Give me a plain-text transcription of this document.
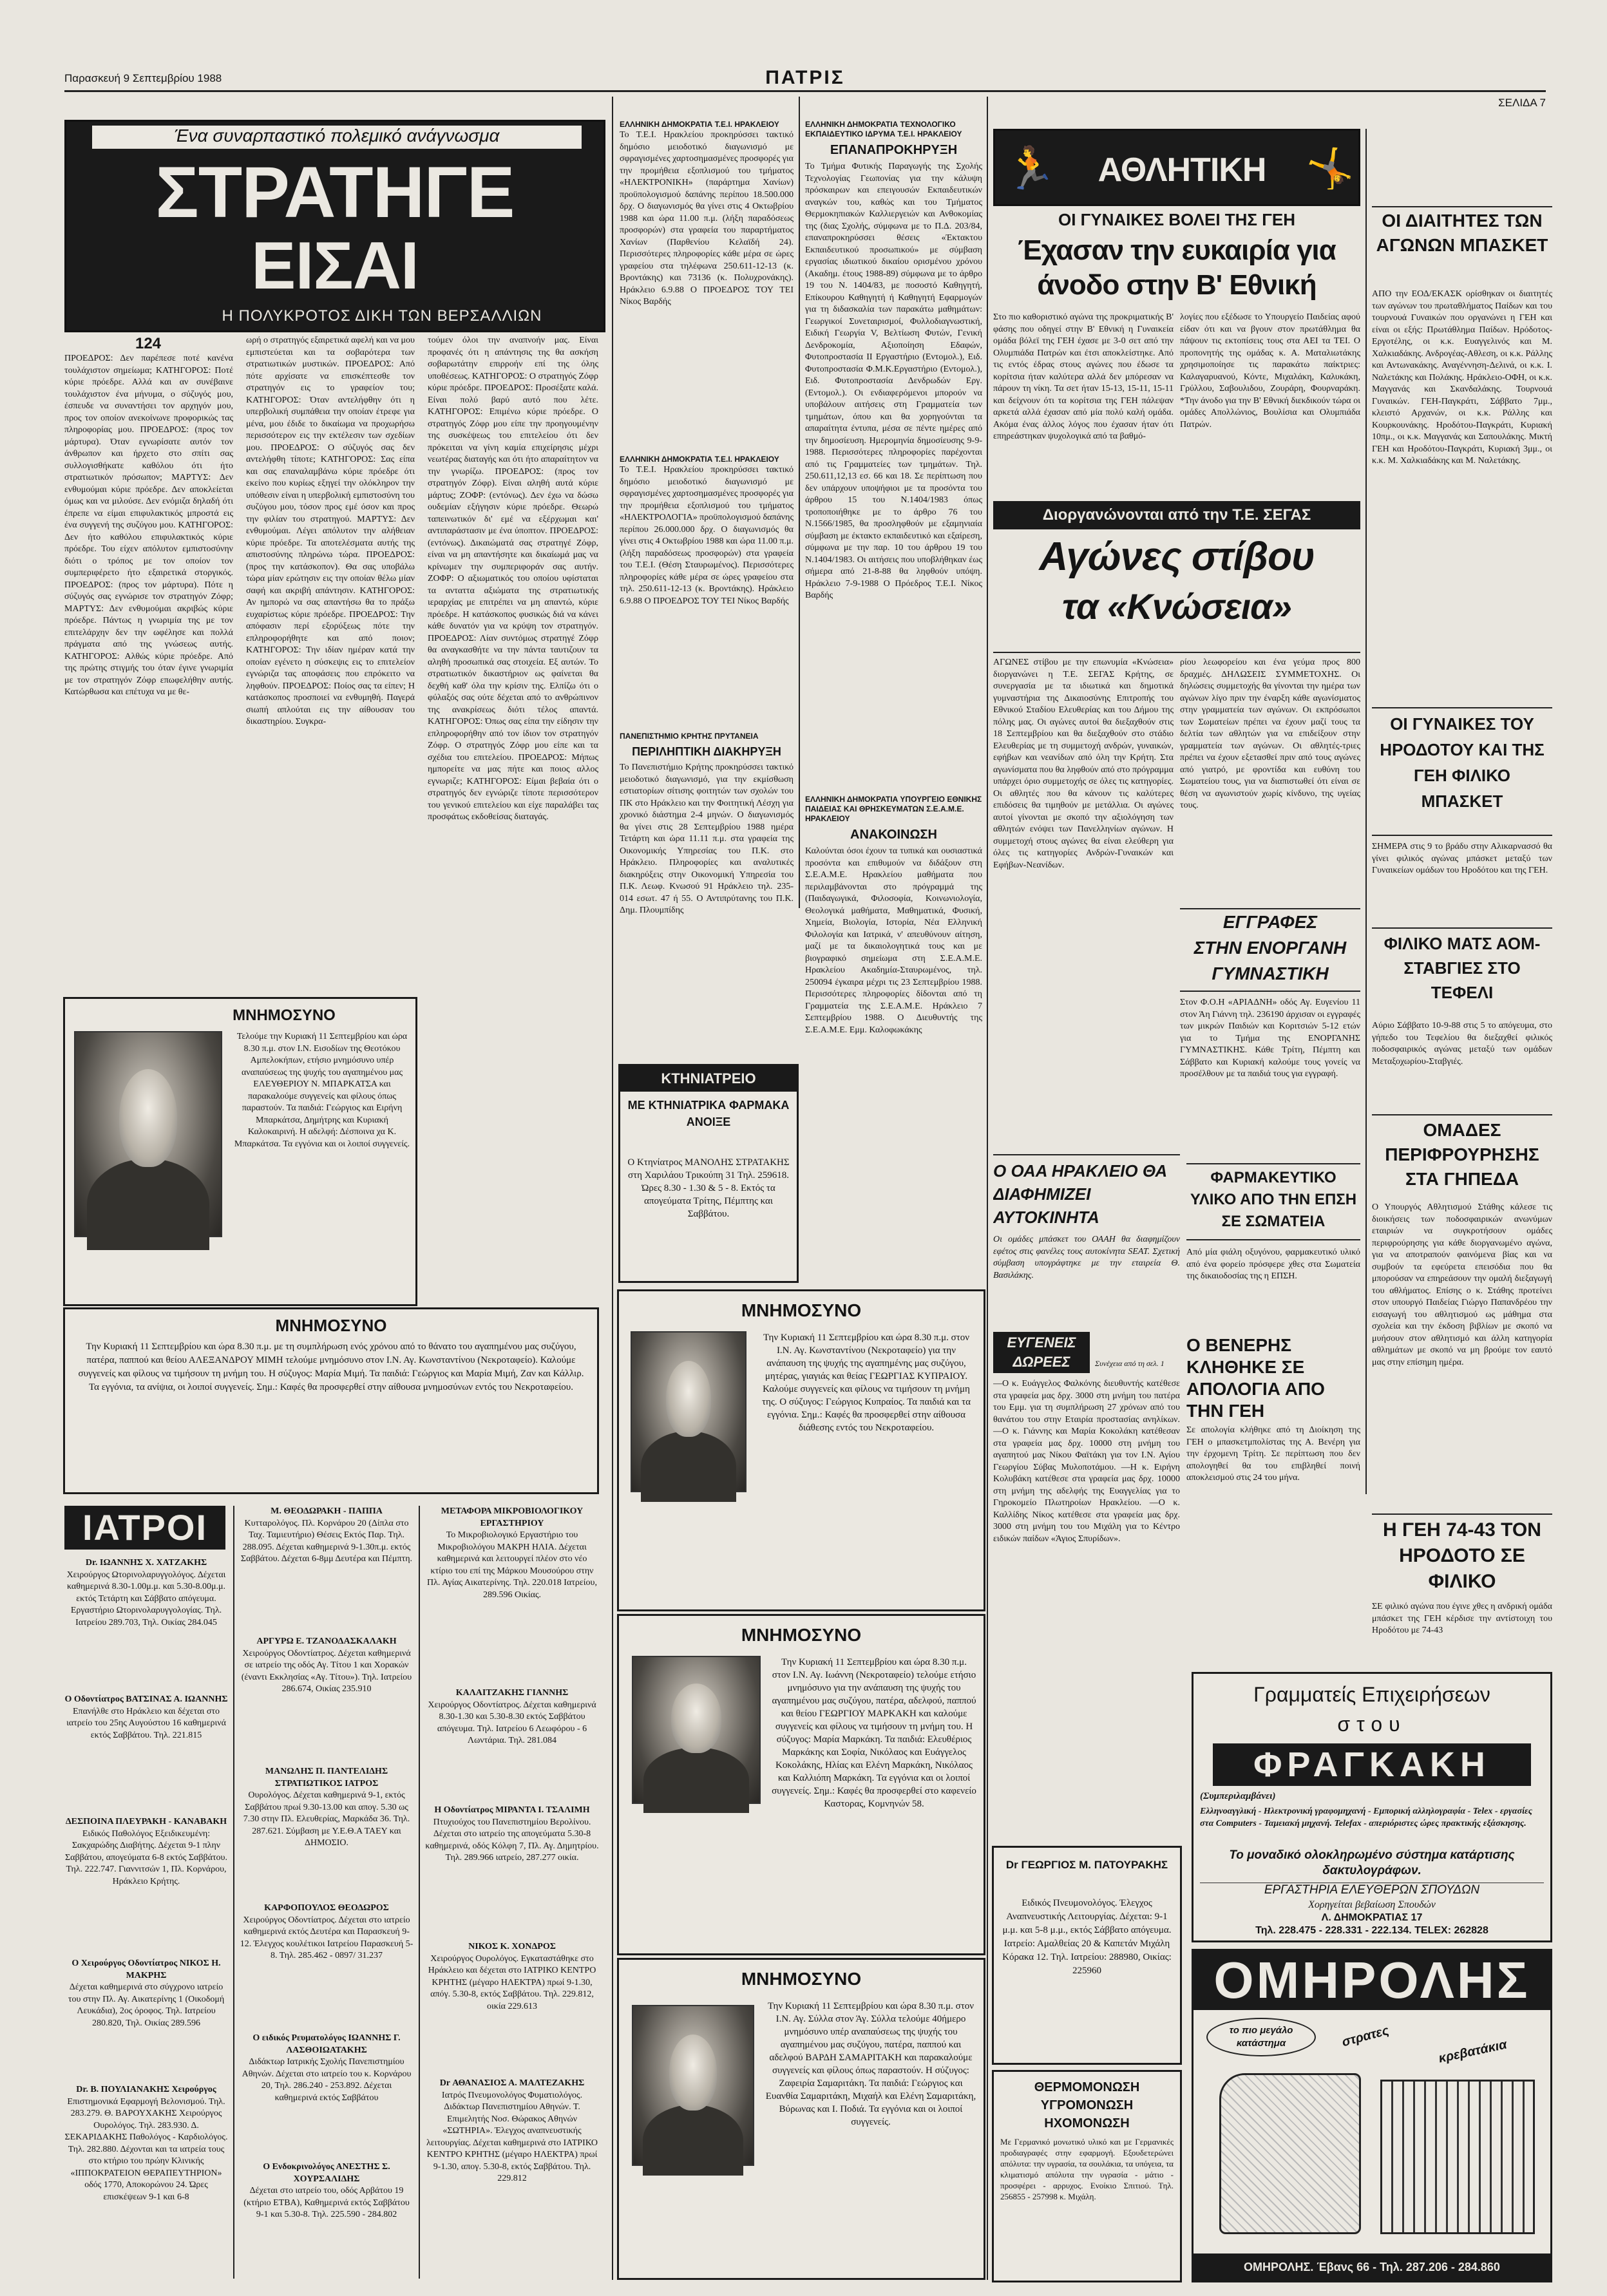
Παρασκευή 9 Σεπτεμβρίου 1988	ΠΑΤΡΙΣ
ΣΕΛΙΔΑ 7
Ένα συναρπαστικό πολεμικό ανάγνωσμα
ΣΤΡΑΤΗΓΕ
ΕΙΣΑΙ
Η ΠΟΛΥΚΡΟΤΟΣ ΔΙΚΗ ΤΩΝ ΒΕΡΣΑΛΛΙΩΝ
124
ΠΡΟΕΔΡΟΣ: Δεν παρέπεσε ποτέ κανένα τουλάχιστον σημείωμα; ΚΑΤΗΓΟΡΟΣ: Ποτέ κύριε πρόεδρε. Αλλά και αν συνέβαινε τουλάχιστον ένα μήνυμα, ο σύζυγός μου, έσπευδε να συναντήσει τον αρχηγόν μου, προς τον οποίον ανεκοίνωνε προφορικώς τας πληροφορίας μου. ΠΡΟΕΔΡΟΣ: (προς τον μάρτυρα). Όταν εγνωρίσατε αυτόν τον άνθρωπον και ήρχετο στο σπίτι σας συλλογισθήκατε καθόλου ότι ήτο στρατιωτικόν πρόσωπον; ΜΑΡΤΥΣ: Δεν ενθυμούμαι κύριε πρόεδρε. Δεν αποκλείεται όμως και να μιλούσε. Δεν ενόμιζα δηλαδή ότι έπρεπε να είμαι επιφυλακτικός μπροστά εις ένα συγγενή της συζύγου μου. ΚΑΤΗΓΟΡΟΣ: Δεν ήτο καθόλου επιφυλακτικός κύριε πρόεδρε. Του είχεν απόλυτον εμπιστοσύνην διότι ο τρόπος με τον οποίον τον συμπεριφέρετο ήτο εξαιρετικά στοργικός. ΠΡΟΕΔΡΟΣ: (προς τον μάρτυρα). Πότε η σύζυγός σας εγνώρισε τον στρατηγόν Ζόφρ; ΜΑΡΤΥΣ: Δεν ενθυμούμαι ακριβώς κύριε πρόεδρε. Πάντως η γνωριμία της με τον επιτελάρχην δεν την ωφέλησε και πολλά πράγματα από της γνώσεως αυτής. ΚΑΤΗΓΟΡΟΣ: Αλθώς κύριε πρόεδρε. Από της πρώτης στιγμής του όταν έγινε γνωριμία με τον στρατηγόν Ζόφρ επωφελήθην αυτής. Κατώρθωσα και επέτυχα να με θε-
ωρή ο στρατηγός εξαιρετικά αφελή και να μου εμπιστεύεται και τα σοβαρότερα των στρατιωτικών μυστικών. ΠΡΟΕΔΡΟΣ: Από πότε αρχίσατε να επισκέπτεσθε τον στρατηγόν εις το γραφείον του; ΚΑΤΗΓΟΡΟΣ: Όταν αντελήφθην ότι η υπερβολική συμπάθεια την οποίαν έτρεφε για μένα, μου έδιδε το δικαίωμα να προχωρήσω περισσότερον εις την εκτέλεσιν των σχεδίων μου. ΠΡΟΕΔΡΟΣ: Ο σύζυγός σας δεν αντελήφθη τίποτε; ΚΑΤΗΓΟΡΟΣ: Σας είπα και σας επαναλαμβάνω κύριε πρόεδρε ότι εκείνο που κυρίως εξηγεί την ολόκληρον την υπόθεσιν είναι η υπερβολική εμπιστοσύνη του συζύγου μου, τόσον προς εμέ όσον και προς την φιλίαν του στρατηγού. ΜΑΡΤΥΣ: Δεν ενθυμούμαι. Λέγει απόλυτον την αλήθειαν κύριε πρόεδρε. Τα αποτελέσματα αυτής της απιστοσύνης πληρώνω τώρα. ΠΡΟΕΔΡΟΣ: (προς την κατάσκοπον). Θα σας υποβάλω τώρα μίαν ερώτησιν εις την οποίαν θέλω μίαν σαφή και ακριβή απάντησιν. ΚΑΤΗΓΟΡΟΣ: Αν ημπορώ να σας απαντήσω θα το πράξω ευχαρίστως κύριε πρόεδρε. ΠΡΟΕΔΡΟΣ: Την απόφασιν περί εξορύξεως πότε την επληροφορήθητε και από ποιον; ΚΑΤΗΓΟΡΟΣ: Την ιδίαν ημέραν κατά την οποίαν εγένετο η σύσκεψις εις το επιτελείον εγνώριζα τας αποφάσεις που επρόκειτο να ληφθούν. ΠΡΟΕΔΡΟΣ: Ποίος σας τα είπεν; Η κατάσκοπος προσποιεί να ενθυμηθή. Παγερά σιωπή απλούται εις την αίθουσαν του δικαστηρίου. Συγκρα-
τούμεν όλοι την αναπνοήν μας. Είναι προφανές ότι η απάντησις της θα ασκήση σοβαρωτάτην επιρροήν επί της όλης υποθέσεως. ΚΑΤΗΓΟΡΟΣ: Ο στρατηγός Ζόφρ κύριε πρόεδρε. ΠΡΟΕΔΡΟΣ: Προσέξατε καλά. Είναι πολύ βαρύ αυτό που λέτε. ΚΑΤΗΓΟΡΟΣ: Επιμένω κύριε πρόεδρε. Ο στρατηγός Ζόφρ μου είπε την προηγουμένην της συσκέψεως του επιτελείου ότι δεν πρόκειται να γίνη καμία επιχείρησις μέχρι νεωτέρας διαταγής και ότι ήτο απαραίτητον να την γνωρίζω. ΠΡΟΕΔΡΟΣ: (προς τον στρατηγόν Ζόφρ). Είναι αληθή αυτά κύριε μάρτυς; ΖΟΦΡ: (εντόνως). Δεν έχω να δώσω ουδεμίαν εξήγησιν κύριε πρόεδρε. Θεωρώ ταπεινωτικόν δι' εμέ να εξέρχωμαι και' αντιπαράστασιν με ένα ύποπτον. ΠΡΟΕΔΡΟΣ: (εντόνως). Δικαιώματά σας στρατηγέ Ζόφρ, είναι να μη απαντήσητε και δικαίωμά μας να κρίνωμεν την συμπεριφοράν σας αυτήν. ΖΟΦΡ: Ο αξιωματικός του οποίου υφίσταται τα ανταττα αξιώματα της στρατιωτικής ιεραρχίας με επιτρέπει να μη απαντώ, κύριε πρόεδρε. Η κατάσκοπος φυσικώς διά να κάνει κάθε δυνατόν για να κρύψη τον στρατηγόν. ΠΡΟΕΔΡΟΣ: Λίαν συντόμως στρατηγέ Ζόφρ θα αναγκασθήτε να την πάντα ταυτιζουν τα αληθή προσωπικά σας στοιχεία. Εξ αυτών. Το στρατιωτικόν δικαστήριον ως φαίνεται θα δεχθή καθ' όλα την κρίσιν της. Ελπίζω ότι ο φύλαξός σας ούτε δέχεται από το ανθρώπινον της ανακρίσεως διότι τέλος απαντά. ΚΑΤΗΓΟΡΟΣ: Όπως σας είπα την είδησιν την επληροφορήθην από τον ίδιον τον στρατηγόν Ζόφρ. Ο στρατηγός Ζόφρ μου είπε και τα σχέδια του επιτελείου. ΠΡΟΕΔΡΟΣ: Μήπως ημπορείτε να μας πήτε και ποιος αλλος εγνωριζε; ΚΑΤΗΓΟΡΟΣ: Είμαι βεβαία ότι ο στρατηγός δεν εγνώριζε τίποτε περισσότερον του γενικού επιτελείου και είχε παραλάβει τας προσφάτως εκδοθείσας διαταγάς.
ΜΝΗΜΟΣΥΝΟ
Τελούμε την Κυριακή 11 Σεπτεμβρίου και ώρα 8.30 π.μ. στον Ι.Ν. Εισοδίων της Θεοτόκου Αμπελοκήπων, ετήσιο μνημόσυνο υπέρ αναπαύσεως της ψυχής του αγαπημένου μας ΕΛΕΥΘΕΡΙΟΥ Ν. ΜΠΑΡΚΑΤΣΑ και παρακαλούμε συγγενείς και φίλους όπως παραστούν. Τα παιδιά: Γεώργιος και Ειρήνη Μπαρκάτσα, Δημήτρης και Κυριακή Καλοκαιρινή. Η αδελφή: Δέσποινα χα Κ. Μπαρκάτσα. Τα εγγόνια και οι λοιποί συγγενείς.
ΜΝΗΜΟΣΥΝΟ
Την Κυριακή 11 Σεπτεμβρίου και ώρα 8.30 π.μ. με τη συμπλήρωση ενός χρόνου από το θάνατο του αγαπημένου μας συζύγου, πατέρα, παππού και θείου ΑΛΕΞΑΝΔΡΟΥ ΜΙΜΗ τελούμε μνημόσυνο στον Ι.Ν. Αγ. Κωνσταντίνου (Νεκροταφείο). Καλούμε συγγενείς και φίλους να τιμήσουν τη μνήμη του. Η σύζυγος: Μαρία Μιμή. Τα παιδιά: Γεώργιος και Μαρία Μιμή, Ζαν και Κάλλιρ. Τα εγγόνια, τα ανίψια, οι λοιποί συγγενείς. Σημ.: Καφές θα προσφερθεί στην αίθουσα μνημοσύνων εντός του Νεκροταφείου.
ΙΑΤΡΟΙ
Dr. ΙΩΑΝΝΗΣ Χ. ΧΑΤΖΑΚΗΣ
Χειρούργος Ωτορινολαρυγγολόγος. Δέχεται καθημερινά 8.30-1.00μ.μ. και 5.30-8.00μ.μ. εκτός Τετάρτη και Σάββατο απόγευμα. Εργαστήριο Ωτορινολαρυγγολογίας. Τηλ. Ιατρείου 289.703, Τηλ. Οικίας 284.045
Ο Οδοντίατρος ΒΑΤΣΙΝΑΣ Α. ΙΩΑΝΝΗΣ
Επανήλθε στο Ηράκλειο και δέχεται στο ιατρείο του 25ης Αυγούστου 16 καθημερινά εκτός Σαββάτου. Τηλ. 221.815
ΔΕΣΠΟΙΝΑ ΠΛΕΥΡΑΚΗ - ΚΑΝΑΒΑΚΗ
Ειδικός Παθολόγος Εξειδικευμένη: Σακχαρώδης Διαβήτης. Δέχεται 9-1 πλην Σαββάτου, απογεύματα 6-8 εκτός Σαββάτου. Τηλ. 222.747. Γιαννιτσών 1, Πλ. Κορνάρου, Ηράκλειο Κρήτης.
Ο Χειρούργος Οδοντίατρος ΝΙΚΟΣ Η. ΜΑΚΡΗΣ
Δέχεται καθημερινά στο σύγχρονο ιατρείο του στην Πλ. Αγ. Αικατερίνης 1 (Οικοδομή Λευκάδια), 2ος όροφος. Τηλ. Ιατρείου 280.820, Τηλ. Οικίας 289.596
Dr. Β. ΠΟΥΛΙΑΝΑΚΗΣ Χειρούργος
Επιστημονικά Εφαρμογή Βελονισμού. Τηλ. 283.279. Θ. ΒΑΡΟΥΧΑΚΗΣ Χειρούργος Ουρολόγος. Τηλ. 283.930. Δ. ΣΕΚΑΡΙΔΑΚΗΣ Παθολόγος - Καρδιολόγος. Τηλ. 282.880. Δέχονται και τα ιατρεία τους στο κτήριο του πρώην Κλινικής «ΙΠΠΟΚΡΑΤΕΙΟΝ ΘΕΡΑΠΕΥΤΗΡΙΟΝ» οδός 1770, Αποκορώνου 24. Ώρες επισκέψεων 9-1 και 6-8
Μ. ΘΕΟΔΩΡΑΚΗ - ΠΑΠΠΑ
Κυτταρολόγος. Πλ. Κορνάρου 20 (Δίπλα στο Ταχ. Ταμιευτήριο) Θέσεις Εκτός Παρ. Τηλ. 288.095. Δέχεται καθημερινά 9-1.30π.μ. εκτός Σαββάτου. Δέχεται 6-8μμ Δευτέρα και Πέμπτη.
ΑΡΓΥΡΩ Ε. ΤΖΑΝΟΔΑΣΚΑΛΑΚΗ
Χειρούργος Οδοντίατρος. Δέχεται καθημερινά σε ιατρείο της οδός Αγ. Τίτου 1 και Χορακών (έναντι Εκκλησίας «Αγ. Τίτου»). Τηλ. Ιατρείου 286.674, Οικίας 235.910
ΜΑΝΩΛΗΣ Π. ΠΑΝΤΕΛΙΔΗΣ ΣΤΡΑΤΙΩΤΙΚΟΣ ΙΑΤΡΟΣ
Ουρολόγος. Δέχεται καθημερινά 9-1, εκτός Σαββάτου πρωί 9.30-13.00 και απογ. 5.30 ως 7.30 στην Πλ. Ελευθερίας, Μαρκάδα 36. Τηλ. 287.621. Σύμβαση με Υ.Ε.Θ.Α ΤΑΕΥ και ΔΗΜΟΣΙΟ.
ΚΑΡΦΟΠΟΥΛΟΣ ΘΕΟΔΩΡΟΣ
Χειρούργος Οδοντίατρος. Δέχεται στο ιατρείο καθημερινά εκτός Δευτέρα και Παρασκευή 9-12. Έλεγχος κουλέτικοι Ιατρείου Παρασκευή 5-8. Τηλ. 285.462 - 0897/ 31.237
Ο ειδικός Ρευματολόγος ΙΩΑΝΝΗΣ Γ. ΛΑΣΘΟΙΩΑΤΑΚΗΣ
Διδάκτωρ Ιατρικής Σχολής Πανεπιστημίου Αθηνών. Δέχεται στο ιατρείο του κ. Κορνάρου 20, Τηλ. 286.240 - 253.892. Δέχεται καθημερινά εκτός Σαββάτου
Ο Ενδοκρινολόγος ΑΝΕΣΤΗΣ Σ. ΧΟΥΡΣΑΛΙΔΗΣ
Δέχεται στο ιατρείο του, οδός Αρβάτου 19 (κτήριο ΕΤΒΑ), Καθημερινά εκτός Σαββάτου 9-1 και 5.30-8. Τηλ. 225.590 - 284.802
ΜΕΤΑΦΟΡΑ ΜΙΚΡΟΒΙΟΛΟΓΙΚΟΥ ΕΡΓΑΣΤΗΡΙΟΥ
Το Μικροβιολογικό Εργαστήριο του Μικροβιολόγου ΜΑΚΡΗ ΗΛΙΑ. Δέχεται καθημερινά και λειτουργεί πλέον στο νέο κτίριο του επί της Μάρκου Μουσούρου στην Πλ. Αγίας Αικατερίνης. Τηλ. 220.018 Ιατρείου, 289.596 Οικίας.
ΚΑΛΑΙΤΖΑΚΗΣ ΓΙΑΝΝΗΣ
Χειρούργος Οδοντίατρος. Δέχεται καθημερινά 8.30-1.30 και 5.30-8.30 εκτός Σαββάτου απόγευμα. Τηλ. Ιατρείου 6 Λεωφόρου - 6 Λωντάρια. Τηλ. 281.084
Η Οδοντίατρος ΜΙΡΑΝΤΑ Ι. ΤΣΑΛΙΜΗ
Πτυχιούχος του Πανεπιστημίου Βερολίνου. Δέχεται στο ιατρείο της απογεύματα 5.30-8 καθημερινά, οδός Κόλφη 7, Πλ. Αγ. Δημητρίου. Τηλ. 289.966 ιατρείο, 287.277 οικία.
ΝΙΚΟΣ Κ. ΧΟΝΔΡΟΣ
Χειρούργος Ουρολόγος. Εγκαταστάθηκε στο Ηράκλειο και δέχεται στο ΙΑΤΡΙΚΟ ΚΕΝΤΡΟ ΚΡΗΤΗΣ (μέγαρο ΗΛΕΚΤΡΑ) πρωί 9-1.30, απόγ. 5.30-8, εκτός Σαββάτου. Τηλ. 229.812, οικία 229.613
Dr ΑΘΑΝΑΣΙΟΣ Α. ΜΑΛΤΕΖΑΚΗΣ
Ιατρός Πνευμονολόγος Φυματιολόγος. Διδάκτωρ Πανεπιστημίου Αθηνών. Τ. Επιμελητής Νοσ. Θώρακος Αθηνών «ΣΩΤΗΡΙΑ». Έλεγχος αναπνευστικής λειτουργίας. Δέχεται καθημερινά στο ΙΑΤΡΙΚΟ ΚΕΝΤΡΟ ΚΡΗΤΗΣ (μέγαρο ΗΛΕΚΤΡΑ) πρωί 9-1.30, απογ. 5.30-8, εκτός Σαββάτου. Τηλ. 229.812
ΕΛΛΗΝΙΚΗ ΔΗΜΟΚΡΑΤΙΑ Τ.Ε.Ι. ΗΡΑΚΛΕΙΟΥ
Το Τ.Ε.Ι. Ηρακλείου προκηρύσσει τακτικό δημόσιο μειοδοτικό διαγωνισμό με σφραγισμένες χαρτοσημασμένες προσφορές για την προμήθεια εξοπλισμού του τμήματος «ΗΛΕΚΤΡΟΝΙΚΗ» (παράρτημα Χανίων) προϋπολογισμού δαπάνης περίπου 18.500.000 δρχ. Ο διαγωνισμός θα γίνει στις 4 Οκτωβρίου 1988 και ώρα 11.00 π.μ. (λήξη παραδόσεως προσφορών) στα γραφεία του παραρτήματος Χανίων (Παρθενίου Κελαϊδή 24). Περισσότερες πληροφορίες κάθε μέρα σε ώρες γραφείου στα τηλέφωνα 250.611-12-13 (κ. Βροντάκης) και 73136 (κ. Πολυχρονάκης). Ηράκλειο 6.9.88 Ο ΠΡΟΕΔΡΟΣ ΤΟΥ ΤΕΙ Νίκος Βαρδής
ΕΛΛΗΝΙΚΗ ΔΗΜΟΚΡΑΤΙΑ Τ.Ε.Ι. ΗΡΑΚΛΕΙΟΥ
Το Τ.Ε.Ι. Ηρακλείου προκηρύσσει τακτικό δημόσιο μειοδοτικό διαγωνισμό με σφραγισμένες χαρτοσημασμένες προσφορές για την προμήθεια εξοπλισμού του τμήματος «ΗΛΕΚΤΡΟΛΟΓΙΑ» προϋπολογισμού δαπάνης περίπου 26.000.000 δρχ. Ο διαγωνισμός θα γίνει στις 4 Οκτωβρίου 1988 και ώρα 11.00 π.μ. (λήξη παραδόσεως προσφορών) στα γραφεία του Τ.Ε.Ι. (Θέση Σταυρωμένος). Περισσότερες πληροφορίες κάθε μέρα σε ώρες γραφείου στα τηλ. 250.611-12-13 (κ. Βροντάκης). Ηράκλειο 6.9.88 Ο ΠΡΟΕΔΡΟΣ ΤΟΥ ΤΕΙ Νίκος Βαρδής
ΠΑΝΕΠΙΣΤΗΜΙΟ ΚΡΗΤΗΣ ΠΡΥΤΑΝΕΙΑ
ΠΕΡΙΛΗΠΤΙΚΗ ΔΙΑΚΗΡΥΞΗ
Το Πανεπιστήμιο Κρήτης προκηρύσσει τακτικό μειοδοτικό διαγωνισμό, για την εκμίσθωση εστιατορίων σίτισης φοιτητών των σχολών του ΠΚ στο Ηράκλειο και την Φοιτητική Λέσχη για χρονικό διάστημα 2-4 μηνών. Ο διαγωνισμός θα γίνει στις 28 Σεπτεμβρίου 1988 ημέρα Τετάρτη και ώρα 11.11 π.μ. στα γραφεία της Οικονομικής Υπηρεσίας του Π.Κ. στο Ηράκλειο. Πληροφορίες και αναλυτικές διακηρύξεις στην Οικονομική Υπηρεσία του Π.Κ. Λεωφ. Κνωσού 91 Ηράκλειο τηλ. 235-014 εσωτ. 47 ή 55. Ο Αντιπρύτανης του Π.Κ. Δημ. Πλουμπίδης
ΚΤΗΝΙΑΤΡΕΙΟ
ΜΕ ΚΤΗΝΙΑΤΡΙΚΑ ΦΑΡΜΑΚΑ ΑΝΟΙΞΕ
Ο Κτηνίατρος ΜΑΝΟΛΗΣ ΣΤΡΑΤΑΚΗΣ στη Χαριλάου Τρικούπη 31 Τηλ. 259618. Ώρες 8.30 - 1.30 & 5 - 8. Εκτός τα απογεύματα Τρίτης, Πέμπτης και Σαββάτου.
ΕΛΛΗΝΙΚΗ ΔΗΜΟΚΡΑΤΙΑ ΤΕΧΝΟΛΟΓΙΚΟ ΕΚΠΑΙΔΕΥΤΙΚΟ ΙΔΡΥΜΑ Τ.Ε.Ι. ΗΡΑΚΛΕΙΟΥ
ΕΠΑΝΑΠΡΟΚΗΡΥΞΗ
Το Τμήμα Φυτικής Παραγωγής της Σχολής Τεχνολογίας Γεωπονίας για την κάλυψη πρόσκαιρων και επειγουσών Εκπαιδευτικών αναγκών του, καθώς και του Τμήματος Θερμοκηπιακών Καλλιεργειών και Ανθοκομίας της (διας Σχολής, σύμφωνα με το Π.Δ. 203/84, επαναπροκηρύσσει θέσεις «Έκτακτου Εκπαιδευτικού προσωπικού» με σύμβαση εργασίας ιδιωτικού δικαίου ορισμένου χρόνου (Ακαδημ. έτους 1988-89) σύμφωνα με το άρθρο 19 του Ν. 1404/83, με ποσοστό Καθηγητή, Επίκουρου Καθηγητή ή Καθηγητή Εφαρμογών για τη διδασκαλία των παρακάτω μαθημάτων: Γεωργικοί Συνεταιρισμοί, Φυλλοδιαγνωστική, Ειδική Γεωργία V, Βελτίωση Φυτών, Γενική Δενδροκομία, Αξιοποίηση Εδαφών, Φυτοπροστασία ΙΙ Εργαστήριο (Εντομολ.), Ειδ. Φυτοπροστασία Φ.Μ.Κ.Εργαστήριο (Εντομολ.), Ειδ. Φυτοπροστασία Δενδρωδών Εργ. (Εντομολ.). Οι ενδιαφερόμενοι μπορούν να υποβάλουν αιτήσεις στη Γραμματεία των τμημάτων, όπου και θα χορηγούνται τα απαραίτητα έντυπα, μέσα σε πέντε ημέρες από την δημοσίευση. Ημερομηνία δημοσίευσης 9-9-1988. Περισσότερες πληροφορίες παρέχονται από τις Γραμματείες των τμημάτων. Τηλ. 250.611,12,13 εσ. 66 και 18. Σε περίπτωση που δεν υπάρχουν υποψήφιοι με τα προσόντα του άρθρου 15 του Ν.1404/1983 όπως τροποποιήθηκε με το άρθρο 76 του Ν.1566/1985, θα προσληφθούν με εξαμηνιαία σύμβαση με έκτακτο εκπαιδευτικό και εξαίρεση, σύμφωνα με την παρ. 10 του άρθρου 19 του Ν.1404/1983. Οι αιτήσεις που υποβλήθηκαν έως σήμερα από 21-8-88 θα ληφθούν υπόψη. Ηράκλειο 7-9-1988 Ο Πρόεδρος Τ.Ε.Ι. Νίκος Βαρδής
ΕΛΛΗΝΙΚΗ ΔΗΜΟΚΡΑΤΙΑ ΥΠΟΥΡΓΕΙΟ ΕΘΝΙΚΗΣ ΠΑΙΔΕΙΑΣ ΚΑΙ ΘΡΗΣΚΕΥΜΑΤΩΝ Σ.Ε.Α.Μ.Ε. ΗΡΑΚΛΕΙΟΥ
ΑΝΑΚΟΙΝΩΣΗ
Καλούνται όσοι έχουν τα τυπικά και ουσιαστικά προσόντα και επιθυμούν να διδάξουν στη Σ.Ε.Α.Μ.Ε. Ηρακλείου μαθήματα που περιλαμβάνονται στο πρόγραμμά της (Παιδαγωγικά, Φιλοσοφία, Κοινωνιολογία, Θεολογικά μαθήματα, Μαθηματικά, Φυσική, Χημεία, Βιολογία, Ιστορία, Νέα Ελληνική Φιλολογία και Ιατρικά, ν' απευθύνουν αίτηση, μαζί με τα δικαιολογητικά τους και με βιογραφικό σημείωμα στη Σ.Ε.Α.Μ.Ε. Ηρακλείου Ακαδημία-Σταυρωμένος, τηλ. 250094 έγκαιρα μέχρι τις 23 Σεπτεμβρίου 1988. Περισσότερες πληροφορίες δίδονται από τη Γραμματεία της Σ.Ε.Α.Μ.Ε. Ηράκλειο 7 Σεπτεμβρίου 1988. Ο Διευθυντής της Σ.Ε.Α.Μ.Ε. Εμμ. Καλοφωκάκης
ΜΝΗΜΟΣΥΝΟ
Την Κυριακή 11 Σεπτεμβρίου και ώρα 8.30 π.μ. στον Ι.Ν. Αγ. Κωνσταντίνου (Νεκροταφείο) για την ανάπαυση της ψυχής της αγαπημένης μας συζύγου, μητέρας, γιαγιάς και θείας ΓΕΩΡΓΙΑΣ ΚΥΠΡΑΙΟΥ. Καλούμε συγγενείς και φίλους να τιμήσουν τη μνήμη της. Ο σύζυγος: Γεώργιος Κυπραίος. Τα παιδιά και τα εγγόνια. Σημ.: Καφές θα προσφερθεί στην αίθουσα διάθεσης εντός του Νεκροταφείου.
ΜΝΗΜΟΣΥΝΟ
Την Κυριακή 11 Σεπτεμβρίου και ώρα 8.30 π.μ. στον Ι.Ν. Αγ. Ιωάννη (Νεκροταφείο) τελούμε ετήσιο μνημόσυνο για την ανάπαυση της ψυχής του αγαπημένου μας συζύγου, πατέρα, αδελφού, παππού και θείου ΓΕΩΡΓΙΟΥ ΜΑΡΚΑΚΗ και καλούμε συγγενείς και φίλους να τιμήσουν τη μνήμη του. Η σύζυγος: Μαρία Μαρκάκη. Τα παιδιά: Ελευθέριος Μαρκάκης και Σοφία, Νικόλαος και Ευάγγελος Κοκολάκης, Ηλίας και Ελένη Μαρκάκη, Νικόλαος και Καλλιόπη Μαρκάκη. Τα εγγόνια και οι λοιποί συγγενείς. Σημ.: Καφές θα προσφερθεί στο καφενείο Καστορας, Κομνηνών 58.
ΜΝΗΜΟΣΥΝΟ
Την Κυριακή 11 Σεπτεμβρίου και ώρα 8.30 π.μ. στον Ι.Ν. Αγ. Σύλλα στον Άγ. Σύλλα τελούμε 40ήμερο μνημόσυνο υπέρ αναπαύσεως της ψυχής του αγαπημένου μας συζύγου, πατέρα, παππού και αδελφού ΒΑΡΔΗ ΣΑΜΑΡΙΤΑΚΗ και παρακαλούμε συγγενείς και φίλους όπως παραστούν. Η σύζυγος: Ζαφειρία Σαμαριτάκη. Τα παιδιά: Γεώργιος και Ευανθία Σαμαριτάκη, Μιχαήλ και Ελένη Σαμαριτάκη, Βύρωνας και Ι. Ποδιά. Τα εγγόνια και οι λοιποί συγγενείς.
🏃	ΑΘΛΗΤΙΚΗ	🤸
ΟΙ ΓΥΝΑΙΚΕΣ ΒΟΛΕΙ ΤΗΣ ΓΕΗ
Έχασαν την ευκαιρία για άνοδο στην Β' Εθνική
Στο πιο καθοριστικό αγώνα της προκριματικής Β' φάσης που οδηγεί στην Β' Εθνική η Γυναικεία ομάδα βόλεϊ της ΓΕΗ έχασε με 3-0 σετ από την Ολυμπιάδα Πατρών και έτσι αποκλείστηκε. Από τις εντός έδρας στους αγώνες που έδωσε τα κορίτσια ήταν καλύτερα αλλά δεν μπόρεσαν να πάρουν τη νίκη. Τα σετ ήταν 15-13, 15-11, 15-11 και δείχνουν ότι τα κορίτσια της ΓΕΗ πάλεψαν αρκετά αλλά έχασαν από μία πολύ καλή ομάδα. Ακόμα ένας άλλος λόγος που έχασαν ήταν ότι επηρεάστηκαν ψυχολογικά από τα βαθμό-
λογίες που εξέδωσε το Υπουργείο Παιδείας αφού είδαν ότι και να βγουν στον πρωτάθλημα θα πάψουν τις εκτοπίσεις τους στα ΑΕΙ τα ΤΕΙ. Ο προπονητής της ομάδας κ. Α. Ματαλιωτάκης χρησιμοποίησε τις παρακάτω παίκτριες: Καλαγαρυανού, Κόντε, Μιχαλάκη, Καλυκάκη, Γρύλλου, Σαβουλιδου, Ζουράρη, Φουρναράκη. *Την άνοδο για την Β' Εθνική διεκδικούν τώρα οι ομάδες Απολλώνιος, Βουλίσια και Ολυμπιάδα Πατρών.
Διοργανώνονται από την Τ.Ε. ΣΕΓΑΣ
Αγώνες στίβου
τα «Κνώσεια»
ΑΓΩΝΕΣ στίβου με την επωνυμία «Κνώσεια» διοργανώνει η Τ.Ε. ΣΕΓΑΣ Κρήτης, σε συνεργασία με τα ιδιωτικά και δημοτικά γυμναστήρια της Δικαιοσύνης Επιτροπής του Εθνικού Σταδίου Ελευθερίας και του Δήμου της πόλης μας. Οι αγώνες αυτοί θα διεξαχθούν στις 18 Σεπτεμβρίου και θα διεξαχθούν στο στάδιο Ελευθερίας με τη συμμετοχή ανδρών, γυναικών, εφήβων και νεανίδων από όλη την Κρήτη. Στα αγωνίσματα που θα ληφθούν από στο πρόγραμμα υπάρχει όριο συμμετοχής σε όλες τις κατηγορίες. Οι αθλητές που θα κάνουν τις καλύτερες επιδόσεις θα τιμηθούν με μετάλλια. Οι αγώνες αυτοί γίνονται με σκοπό την αξιολόγηση των αθλητών ενόψει των Πανελληνίων αγώνων. Η συμμετοχή στους αγώνες θα είναι ελεύθερη για όλες τις κατηγορίες Ανδρών-Γυναικών και Εφήβων-Νεανίδων.
ρίου λεωφορείου και ένα γεύμα προς 800 δραχμές. ΔΗΛΩΣΕΙΣ ΣΥΜΜΕΤΟΧΗΣ. Οι δηλώσεις συμμετοχής θα γίνονται την ημέρα των αγώνων λίγο πριν την έναρξη κάθε αγωνίσματος στην γραμματεία των αγώνων. Οι εκπρόσωποι των Σωματείων πρέπει να έχουν μαζί τους τα δελτία των αθλητών για να επιδείξουν στην γραμματεία των αγώνων. Οι αθλητές-τριες πρέπει να έχουν εξετασθεί πριν από τους αγώνες από γιατρό, με φροντίδα και ευθύνη του Σωματείου τους, για να διαπιστωθεί ότι είναι σε θέση να αγωνιστούν χωρίς κίνδυνο, της υγείας τους.
ΕΓΓΡΑΦΕΣ
ΣΤΗΝ ΕΝΟΡΓΑΝΗ
ΓΥΜΝΑΣΤΙΚΗ
Στον Φ.Ο.Η «ΑΡΙΑΔΝΗ» οδός Αγ. Ευγενίου 11 στον Άη Γιάννη τηλ. 236190 άρχισαν οι εγγραφές των μικρών Παιδιών και Κοριτσιών 5-12 ετών για το Τμήμα της ΕΝΟΡΓΑΝΗΣ ΓΥΜΝΑΣΤΙΚΗΣ. Κάθε Τρίτη, Πέμπτη και Σάββατο και Κυριακή καλούμε τους γονείς να προσέλθουν με τα παιδιά τους για εγγραφή.
Ο ΟΑΑ ΗΡΑΚΛΕΙΟ ΘΑ ΔΙΑΦΗΜΙΖΕΙ ΑΥΤΟΚΙΝΗΤΑ
Οι ομάδες μπάσκετ του ΟΑΑΗ θα διαφημίζουν εφέτος στις φανέλες τους αυτοκίνητα SEAT. Σχετική σύμβαση υπογράφτηκε με την εταιρεία Θ. Βασιλάκης.
ΦΑΡΜΑΚΕΥΤΙΚΟ ΥΛΙΚΟ ΑΠΟ ΤΗΝ ΕΠΣΗ ΣΕ ΣΩΜΑΤΕΙΑ
Από μία φιάλη οξυγόνου, φαρμακευτικό υλικό από ένα φορείο πρόσφερε χθες στα Σωματεία της δικαιοδοσίας της η ΕΠΣΗ.
ΕΥΓΕΝΕΙΣ ΔΩΡΕΕΣ	Συνέχεια από τη σελ. 1
—Ο κ. Ευάγγελος Φαλκόνης διευθυντής κατέθεσε στα γραφεία μας δρχ. 3000 στη μνήμη του πατέρα του Εμμ. για τη συμπλήρωση 27 χρόνων από του θανάτου του στην Εταιρία προστασίας ανηλίκων. —Ο κ. Γιάννης και Μαρία Κοκολάκη κατέθεσαν στα γραφεία μας δρχ. 10000 στη μνήμη του αγαπητού μας Νίκου Φαϊτάκη για τον Ι.Ν. Αγίου Γεωργίου Σύβας Μυλοποτάμου. —Η κ. Ειρήνη Κολυβάκη κατέθεσε στα γραφεία μας δρχ. 10000 στη μνήμη της αδελφής της Ευαγγελίας για το Γηροκομείο Πλωτηροίων Ηρακλείου. —Ο κ. Καλλίδης Νίκος κατέθεσε στα γραφεία μας δρχ. 3000 στη μνήμη του του Μιχάλη για το Κέντρο ειδικών παίδων «Άγιος Σπυρίδων».
Ο ΒΕΝΕΡΗΣ ΚΛΗΘΗΚΕ ΣΕ ΑΠΟΛΟΓΙΑ ΑΠΟ ΤΗΝ ΓΕΗ
Σε απολογία κλήθηκε από τη Διοίκηση της ΓΕΗ ο μπασκετμπολίστας της Α. Βενέρη για την έρχομενη Τρίτη. Σε περίπτωση που δεν απολογηθεί θα του επιβληθεί ποινή αποκλεισμού στις 24 του μήνα.
Dr ΓΕΩΡΓΙΟΣ Μ. ΠΑΤΟΥΡΑΚΗΣ
Ειδικός Πνευμονολόγος. Έλεγχος Αναπνευστικής Λειτουργίας. Δέχεται: 9-1 μ.μ. και 5-8 μ.μ., εκτός Σάββατο απόγευμα. Ιατρείο: Αμαλθείας 20 & Καπετάν Μιχάλη Κόρακα 12. Τηλ. Ιατρείου: 288980, Οικίας: 225960
ΘΕΡΜΟΜΟΝΩΣΗ ΥΓΡΟΜΟΝΩΣΗ ΗΧΟΜΟΝΩΣΗ
Με Γερμανικό μονωτικό υλικό και με Γερμανικές προδιαγραφές στην εφαρμογή. Εξουδετερώνει απόλυτα: την υγρασία, τα σουλάκια, τα υπόγεια, τα κλιματισμό απόλυτα την υγρασία - μάτιο - προσφέρει - αρρυχος. Ενοίκιο Σπιτιού. Τηλ. 256855 - 257998 κ. Μιχάλη.
ΟΙ ΔΙΑΙΤΗΤΕΣ ΤΩΝ ΑΓΩΝΩΝ ΜΠΑΣΚΕΤ
ΑΠΟ την ΕΟΔ/ΕΚΑΣΚ ορίσθηκαν οι διαιτητές των αγώνων του πρωταθλήματος Παίδων και του τουρνουά Γυναικών που οργανώνει η ΓΕΗ και είναι οι εξής: Πρωτάθλημα Παίδων. Ηρόδοτος-Εργοτέλης, οι κ.κ. Ευαγγελινός και Μ. Χαλκιαδάκης. Ανδρογέας-Αθλεση, οι κ.κ. Ράλλης και Αντωνακάκης. Αναγέννηση-Δελινά, οι κ.κ. Ι. Ναλετάκης και Πολάκης. Ηράκλειο-ΟΦΗ, οι κ.κ. Μαγγανάς και Σκανδαλάκης. Τουρνουά Γυναικών. ΓΕΗ-Παγκράτι, Σάββατο 7μμ., κλειστό Αρχανών, οι κ.κ. Ράλλης και Κουρκουνάκης. Ηροδότου-Παγκράτι, Κυριακή 10πμ., οι κ.κ. Μαγγανάς και Σαπουλάκης. Μικτή ΓΕΗ και Ηροδότου-Παγκράτι, Κυριακή 3μμ., οι κ.κ. Μ. Χαλκιαδάκης και Μ. Ναλετάκης.
ΟΙ ΓΥΝΑΙΚΕΣ ΤΟΥ ΗΡΟΔΟΤΟΥ ΚΑΙ ΤΗΣ ΓΕΗ ΦΙΛΙΚΟ ΜΠΑΣΚΕΤ
ΣΗΜΕΡΑ στις 9 το βράδυ στην Αλικαρνασσό θα γίνει φιλικός αγώνας μπάσκετ μεταξύ των Γυναικείων ομάδων του Ηροδότου και της ΓΕΗ.
ΦΙΛΙΚΟ ΜΑΤΣ ΑΟΜ-ΣΤΑΒΓΙΕΣ ΣΤΟ ΤΕΦΕΛΙ
Αύριο Σάββατο 10-9-88 στις 5 το απόγευμα, στο γήπεδο του Τεφελίου θα διεξαχθεί φιλικός ποδοσφαιρικός αγώνας μεταξύ των ομάδων Μεταξοχωρίου-Σταβγιές.
ΟΜΑΔΕΣ ΠΕΡΙΦΡΟΥΡΗΣΗΣ ΣΤΑ ΓΗΠΕΔΑ
Ο Υπουργός Αθλητισμού Στάθης κάλεσε τις διοικήσεις των ποδοσφαιρικών ανωνύμων εταιριών να συγκροτήσουν ομάδες περιφρούρησης για κάθε διοργανωμένο αγώνα, για να αποτραπούν φαινόμενα βίας και να συμβούν τα εφεύρετα επεισόδια που θα μπορούσαν να επηρεάσουν την ομαλή διεξαγωγή του αθλήματος. Επίσης ο κ. Στάθης προτείνει στον υπουργό Παιδείας Γιώργο Παπανδρέου την εισαγωγή του αθλητισμού ως μάθημα στα σχολεία και την έκδοση βιβλίων με σκοπό να μυήσουν στον αθλητισμό και άλλη κατηγορία αθλημάτων με σκοπό να μη βρούμε τον εαυτό μας στην επίσημη ημέρα.
Η ΓΕΗ 74-43 ΤΟΝ ΗΡΟΔΟΤΟ ΣΕ ΦΙΛΙΚΟ
ΣΕ φιλικό αγώνα που έγινε χθες η ανδρική ομάδα μπάσκετ της ΓΕΗ κέρδισε την αντίστοιχη του Ηροδότου με 74-43
Γραμματείς Επιχειρήσεων
στου
ΦΡΑΓΚΑΚΗ
(Συμπεριλαμβάνει)
Ελληνοαγγλική - Ηλεκτρονική γραφομηχανή - Εμπορική αλληλογραφία - Telex - εργασίες στα Computers - Ταμειακή μηχανή. Telefax - απεριόριστες ώρες πρακτικής εξάσκησης.
Το μοναδικό ολοκληρωμένο σύστημα κατάρτισης δακτυλογράφων.
ΕΡΓΑΣΤΗΡΙΑ ΕΛΕΥΘΕΡΩΝ ΣΠΟΥΔΩΝ
Χορηγείται βεβαίωση Σπουδών
Λ. ΔΗΜΟΚΡΑΤΙΑΣ 17
Τηλ. 228.475 - 228.331 - 222.134. TELEX: 262828
ΟΜΗΡΟΛΗΣ
το πιο μεγάλο κατάστημα	στρατες
κρεβατάκια
ΟΜΗΡΟΛΗΣ. Έβανς 66 - Τηλ. 287.206 - 284.860
